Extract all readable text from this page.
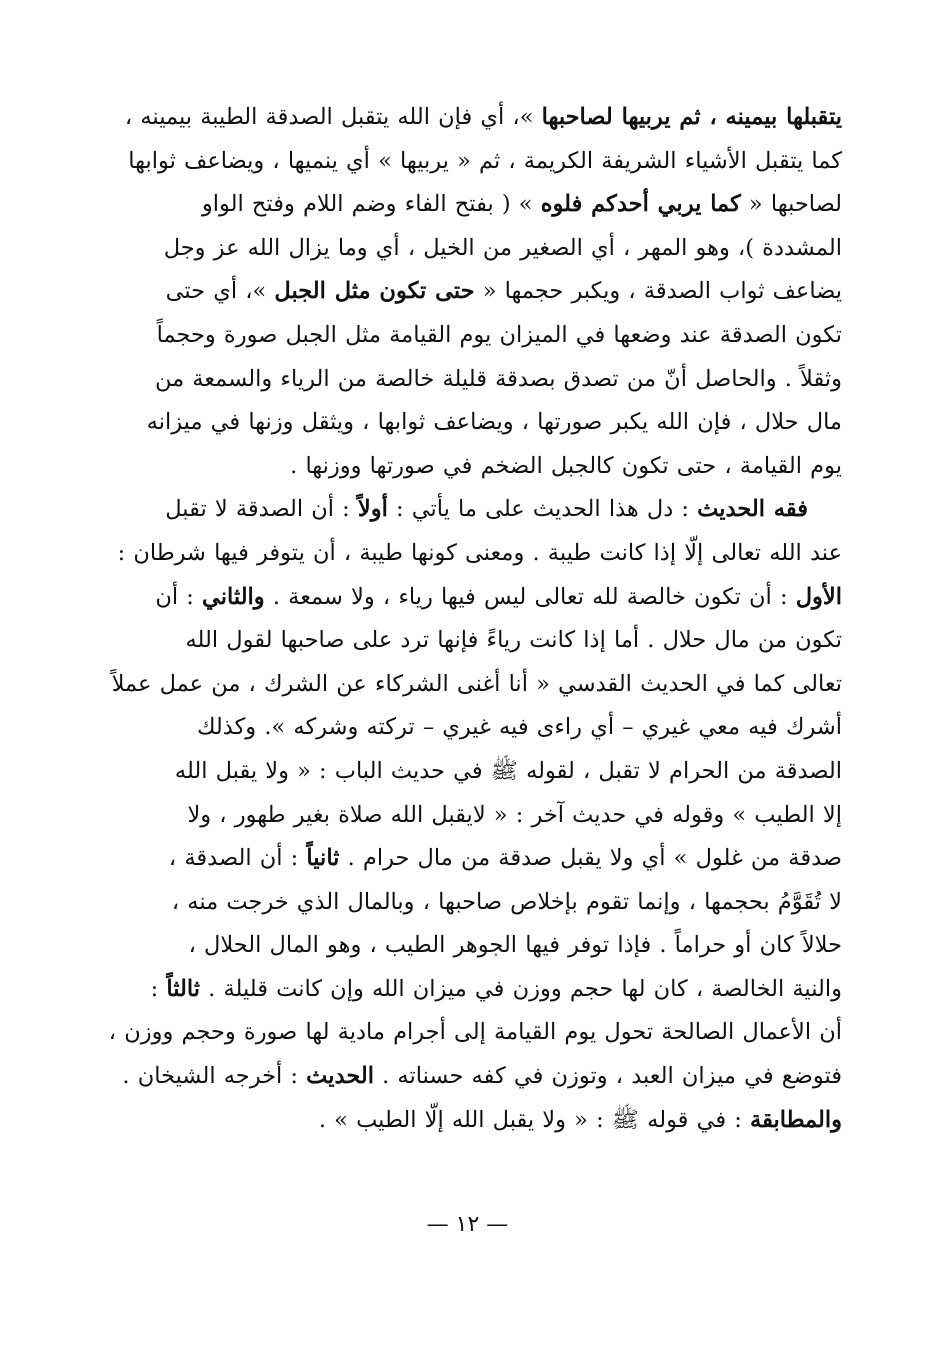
يتقبلها بيمينه ، ثم يربيها لصاحبها »، أي فإن الله يتقبل الصدقة الطيبة بيمينه ،
كما يتقبل الأشياء الشريفة الكريمة ، ثم « يربيها » أي ينميها ، ويضاعف ثوابها
لصاحبها « كما يربي أحدكم فلوه » ( بفتح الفاء وضم اللام وفتح الواو
المشددة )، وهو المهر ، أي الصغير من الخيل ، أي وما يزال الله عز وجل
يضاعف ثواب الصدقة ، ويكبر حجمها « حتى تكون مثل الجبل »، أي حتى
تكون الصدقة عند وضعها في الميزان يوم القيامة مثل الجبل صورة وحجماً
وثقلاً . والحاصل أنّ من تصدق بصدقة قليلة خالصة من الرياء والسمعة من
مال حلال ، فإن الله يكبر صورتها ، ويضاعف ثوابها ، ويثقل وزنها في ميزانه
يوم القيامة ، حتى تكون كالجبل الضخم في صورتها ووزنها .
فقه الحديث : دل هذا الحديث على ما يأتي : أولاً : أن الصدقة لا تقبل
عند الله تعالى إلّا إذا كانت طيبة . ومعنى كونها طيبة ، أن يتوفر فيها شرطان :
الأول : أن تكون خالصة لله تعالى ليس فيها رياء ، ولا سمعة . والثاني : أن
تكون من مال حلال . أما إذا كانت رياءً فإنها ترد على صاحبها لقول الله
تعالى كما في الحديث القدسي « أنا أغنى الشركاء عن الشرك ، من عمل عملاً
أشرك فيه معي غيري – أي راءى فيه غيري – تركته وشركه ». وكذلك
الصدقة من الحرام لا تقبل ، لقوله ﷺ في حديث الباب : « ولا يقبل الله
إلا الطيب » وقوله في حديث آخر : « لايقبل الله صلاة بغير طهور ، ولا
صدقة من غلول » أي ولا يقبل صدقة من مال حرام . ثانياً : أن الصدقة ،
لا تُقَوَّمُ بحجمها ، وإنما تقوم بإخلاص صاحبها ، وبالمال الذي خرجت منه ،
حلالاً كان أو حراماً . فإذا توفر فيها الجوهر الطيب ، وهو المال الحلال ،
والنية الخالصة ، كان لها حجم ووزن في ميزان الله وإن كانت قليلة . ثالثاً :
أن الأعمال الصالحة تحول يوم القيامة إلى أجرام مادية لها صورة وحجم ووزن ،
فتوضع في ميزان العبد ، وتوزن في كفه حسناته . الحديث : أخرجه الشيخان .
والمطابقة : في قوله ﷺ : « ولا يقبل الله إلّا الطيب » .
— ١٢ —
